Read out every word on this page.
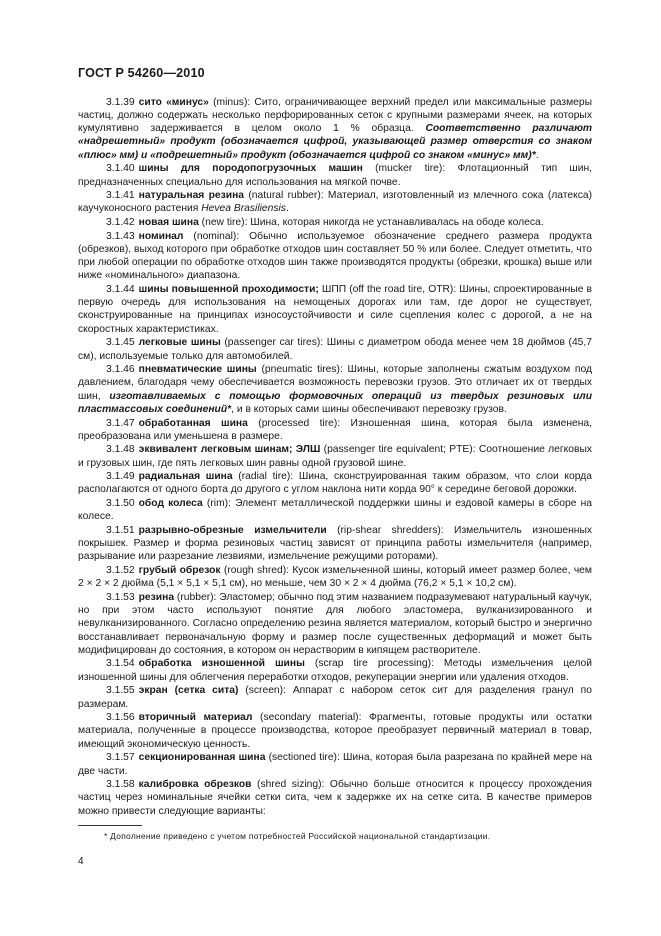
ГОСТ Р 54260—2010

3.1.39 сито «минус» (minus): Сито, ограничивающее верхний предел или максимальные размеры частиц, должно содержать несколько перфорированных сеток с крупными размерами ячеек, на которых кумулятивно задерживается в целом около 1 % образца. Соответственно различают «надрешетный» продукт (обозначается цифрой, указывающей размер отверстия со знаком «плюс» мм) и «подрешетный» продукт (обозначается цифрой со знаком «минус» мм)*.

3.1.40 шины для породопогрузочных машин (mucker tire): Флотационный тип шин, предназначенных специально для использования на мягкой почве.

3.1.41 натуральная резина (natural rubber): Материал, изготовленный из млечного сока (латекса) каучуконосного растения Hevea Brasiliensis.

3.1.42 новая шина (new tire): Шина, которая никогда не устанавливалась на ободе колеса.

3.1.43 номинал (nominal): Обычно используемое обозначение среднего размера продукта (обрезков), выход которого при обработке отходов шин составляет 50 % или более. Следует отметить, что при любой операции по обработке отходов шин также производятся продукты (обрезки, крошка) выше или ниже «номинального» диапазона.

3.1.44 шины повышенной проходимости; ШПП (off the road tire, OTR): Шины, спроектированные в первую очередь для использования на немощеных дорогах или там, где дорог не существует, сконструированные на принципах износоустойчивости и силе сцепления колес с дорогой, а не на скоростных характеристиках.

3.1.45 легковые шины (passenger car tires): Шины с диаметром обода менее чем 18 дюймов (45,7 см), используемые только для автомобилей.

3.1.46 пневматические шины (pneumatic tires): Шины, которые заполнены сжатым воздухом под давлением, благодаря чему обеспечивается возможность перевозки грузов. Это отличает их от твердых шин, изготавливаемых с помощью формовочных операций из твердых резиновых или пластмассовых соединений*, и в которых сами шины обеспечивают перевозку грузов.

3.1.47 обработанная шина (processed tire): Изношенная шина, которая была изменена, преобразована или уменьшена в размере.

3.1.48 эквивалент легковым шинам; ЭЛШ (passenger tire equivalent; PTE): Соотношение легковых и грузовых шин, где пять легковых шин равны одной грузовой шине.

3.1.49 радиальная шина (radial tire): Шина, сконструированная таким образом, что слои корда располагаются от одного борта до другого с углом наклона нити корда 90° к середине беговой дорожки.

3.1.50 обод колеса (rim): Элемент металлической поддержки шины и ездовой камеры в сборе на колесе.

3.1.51 разрывно-обрезные измельчители (rip-shear shredders): Измельчитель изношенных покрышек. Размер и форма резиновых частиц зависят от принципа работы измельчителя (например, разрывание или разрезание лезвиями, измельчение режущими роторами).

3.1.52 грубый обрезок (rough shred): Кусок измельченной шины, который имеет размер более, чем 2 × 2 × 2 дюйма (5,1 × 5,1 × 5,1 см), но меньше, чем 30 × 2 × 4 дюйма (76,2 × 5,1 × 10,2 см).

3.1.53 резина (rubber): Эластомер; обычно под этим названием подразумевают натуральный каучук, но при этом часто используют понятие для любого эластомера, вулканизированного и невулканизированного. Согласно определению резина является материалом, который быстро и энергично восстанавливает первоначальную форму и размер после существенных деформаций и может быть модифицирован до состояния, в котором он нерастворим в кипящем растворителе.

3.1.54 обработка изношенной шины (scrap tire processing): Методы измельчения целой изношенной шины для облегчения переработки отходов, рекуперации энергии или удаления отходов.

3.1.55 экран (сетка сита) (screen): Аппарат с набором сеток сит для разделения гранул по размерам.

3.1.56 вторичный материал (secondary material): Фрагменты, готовые продукты или остатки материала, полученные в процессе производства, которое преобразует первичный материал в товар, имеющий экономическую ценность.

3.1.57 секционированная шина (sectioned tire): Шина, которая была разрезана по крайней мере на две части.

3.1.58 калибровка обрезков (shred sizing): Обычно больше относится к процессу прохождения частиц через номинальные ячейки сетки сита, чем к задержке их на сетке сита. В качестве примеров можно привести следующие варианты:

* Дополнение приведено с учетом потребностей Российской национальной стандартизации.
4
